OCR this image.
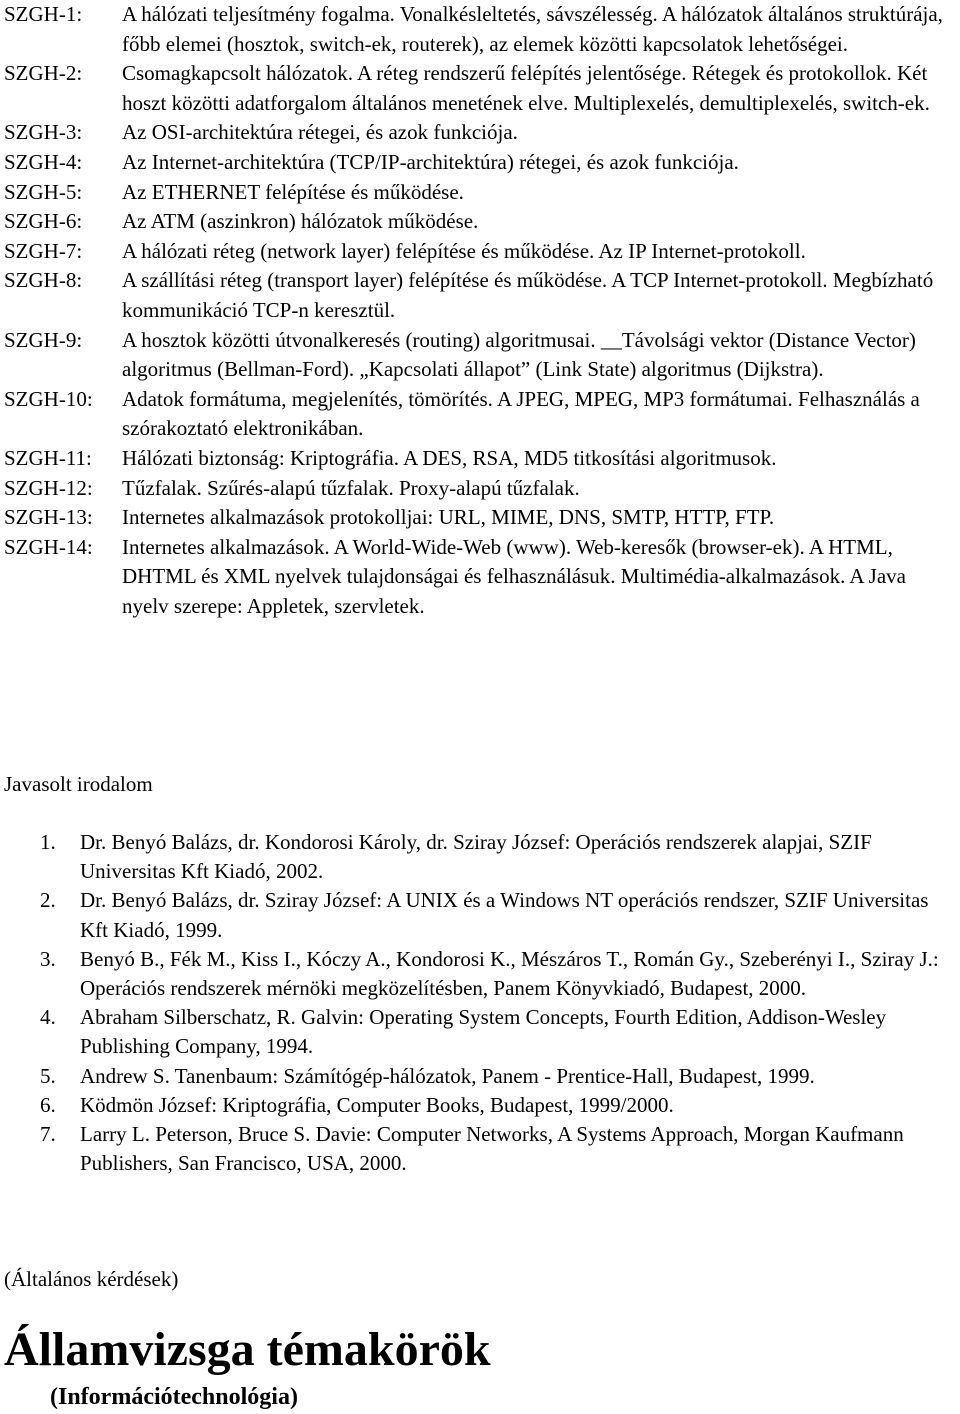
SZGH-1:	A hálózati teljesítmény fogalma. Vonalkésleltetés, sávszélesség. A hálózatok általános struktúrája, főbb elemei (hosztok, switch-ek, routerek), az elemek közötti kapcsolatok lehetőségei.
SZGH-2:	Csomagkapcsolt hálózatok. A réteg rendszerű felépítés jelentősége. Rétegek és protokollok. Két hoszt közötti adatforgalom általános menetének elve. Multiplexelés, demultiplexelés, switch-ek.
SZGH-3:	Az OSI-architektúra rétegei, és azok funkciója.
SZGH-4:	Az Internet-architektúra (TCP/IP-architektúra) rétegei, és azok funkciója.
SZGH-5:	Az ETHERNET felépítése és működése.
SZGH-6:	Az ATM (aszinkron) hálózatok működése.
SZGH-7:	A hálózati réteg (network layer) felépítése és működése. Az IP Internet-protokoll.
SZGH-8:	A szállítási réteg (transport layer) felépítése és működése. A TCP Internet-protokoll. Megbízható kommunikáció TCP-n keresztül.
SZGH-9:	A hosztok közötti útvonalkeresés (routing) algoritmusai. __Távolsági vektor (Distance Vector) algoritmus (Bellman-Ford). „Kapcsolati állapot” (Link State) algoritmus (Dijkstra).
SZGH-10:	Adatok formátuma, megjelenítés, tömörítés. A JPEG, MPEG, MP3 formátumai. Felhasználás a szórakoztató elektronikában.
SZGH-11:	Hálózati biztonság: Kriptográfia. A DES, RSA, MD5 titkosítási algoritmusok.
SZGH-12:	Tűzfalak. Szűrés-alapú tűzfalak. Proxy-alapú tűzfalak.
SZGH-13:	Internetes alkalmazások protokolljai: URL, MIME, DNS, SMTP, HTTP, FTP.
SZGH-14:	Internetes alkalmazások. A World-Wide-Web (www). Web-keresők (browser-ek). A HTML, DHTML és XML nyelvek tulajdonságai és felhasználásuk. Multimédia-alkalmazások. A Java nyelv szerepe: Appletek, szervletek.
Javasolt irodalom
1.	Dr. Benyó Balázs, dr. Kondorosi Károly, dr. Sziray József: Operációs rendszerek alapjai, SZIF Universitas Kft Kiadó, 2002.
2.	Dr. Benyó Balázs, dr. Sziray József: A UNIX és a Windows NT operációs rendszer, SZIF Universitas Kft Kiadó, 1999.
3.	Benyó B., Fék M., Kiss I., Kóczy A., Kondorosi K., Mészáros T., Román Gy., Szeberényi I., Sziray J.: Operációs rendszerek mérnöki megközelítésben, Panem Könyvkiadó, Budapest, 2000.
4.	Abraham Silberschatz, R. Galvin: Operating System Concepts, Fourth Edition, Addison-Wesley Publishing Company, 1994.
5.	Andrew S. Tanenbaum: Számítógép-hálózatok, Panem - Prentice-Hall, Budapest, 1999.
6.	Ködmön József: Kriptográfia, Computer Books, Budapest, 1999/2000.
7.	Larry L. Peterson, Bruce S. Davie: Computer Networks, A Systems Approach, Morgan Kaufmann Publishers, San Francisco, USA, 2000.
(Általános kérdések)
Államvizsga témakörök
(Információtechnológia)
